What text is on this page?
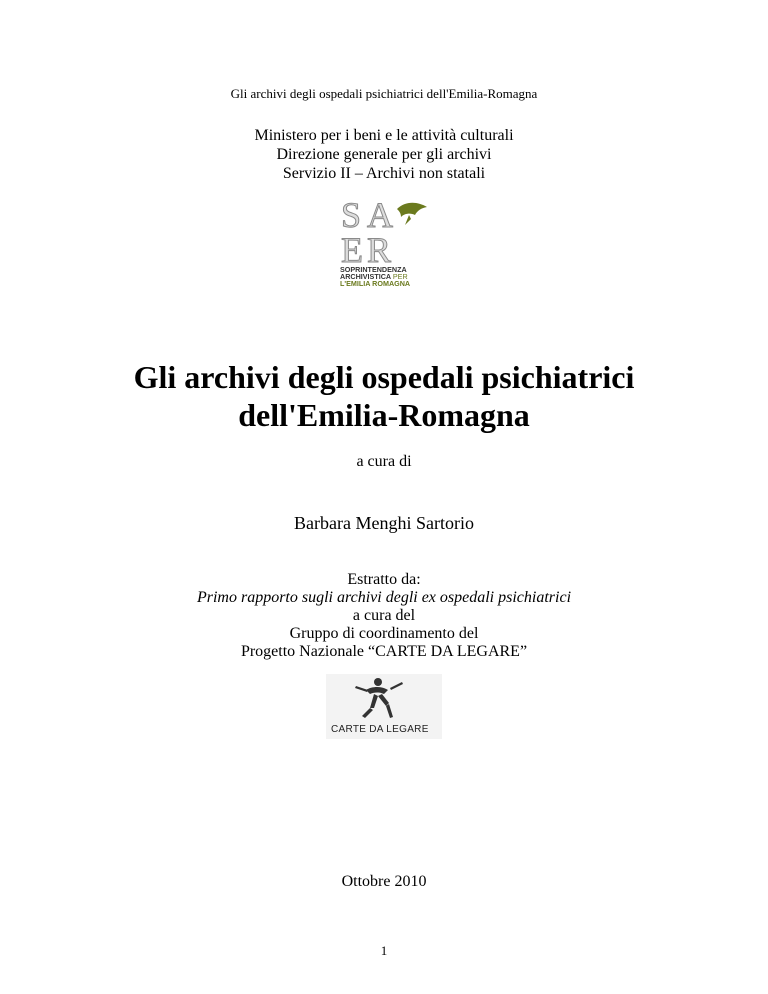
Gli archivi degli ospedali psichiatrici dell'Emilia-Romagna
Ministero per i beni e le attività culturali
Direzione generale per gli archivi
Servizio II – Archivi non statali
S A
E R
SOPRINTENDENZA
ARCHIVISTICA PER
L'EMILIA ROMAGNA
Gli archivi degli ospedali psichiatrici
dell'Emilia-Romagna
a cura di
Barbara Menghi Sartorio
Estratto da:
Primo rapporto sugli archivi degli ex ospedali psichiatrici
a cura del
Gruppo di coordinamento del
Progetto Nazionale “CARTE DA LEGARE”
CARTE DA LEGARE
Ottobre 2010
1
